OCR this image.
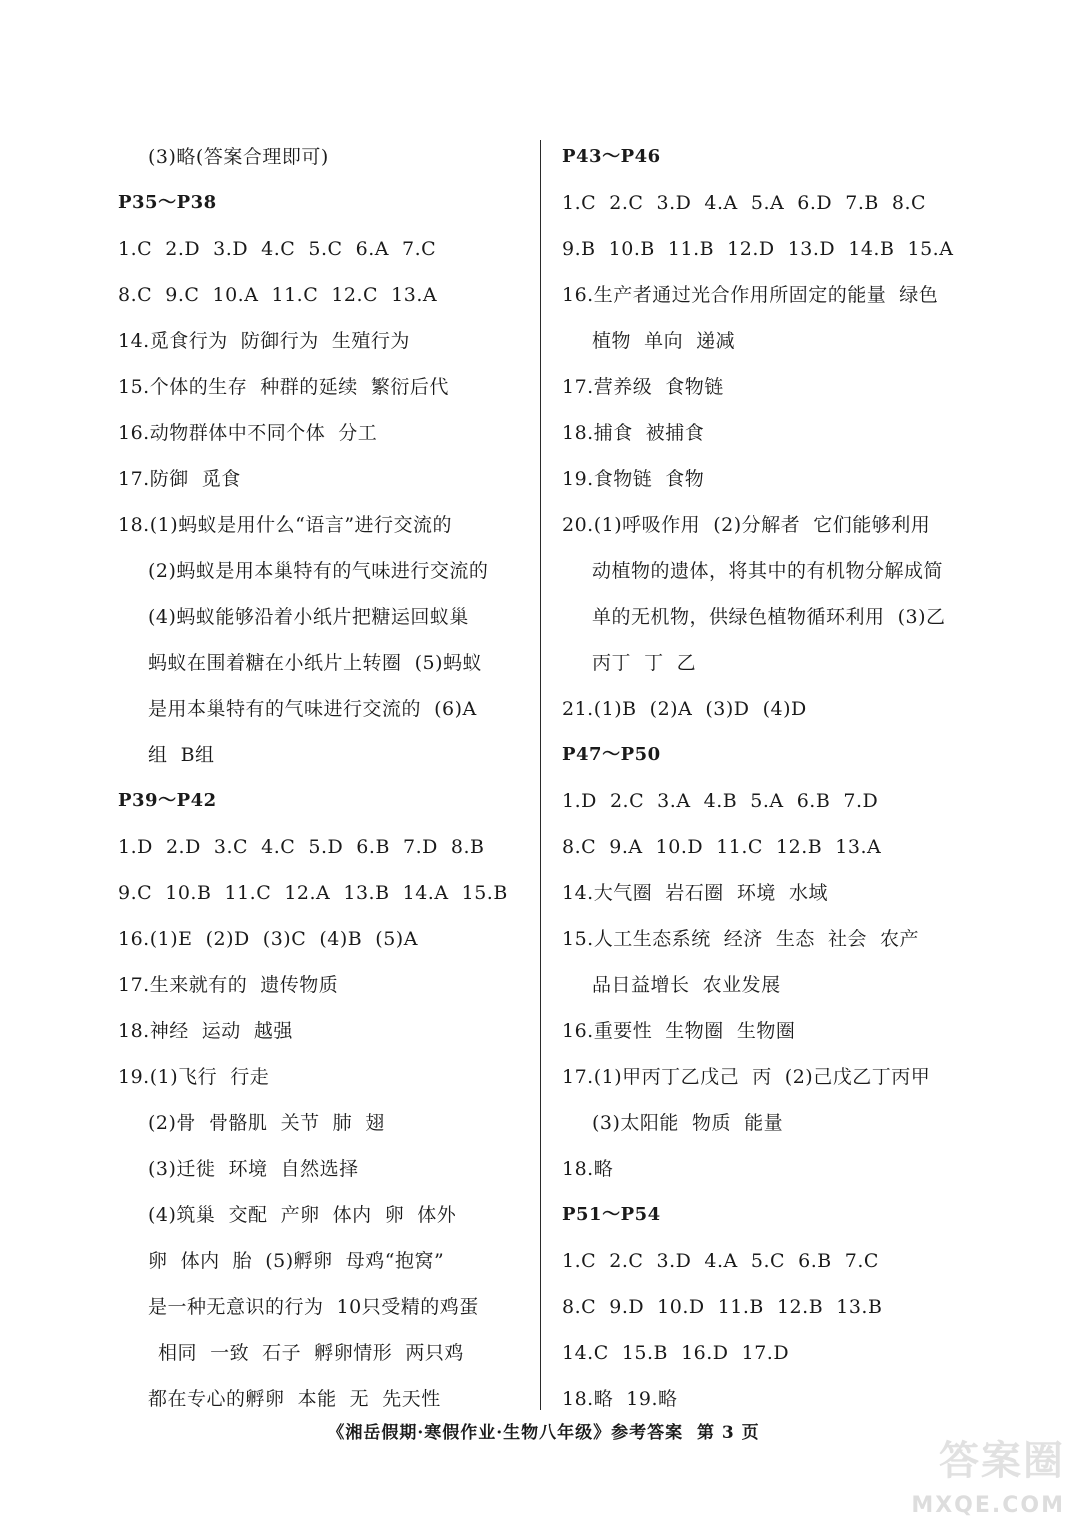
(3)略(答案合理即可)
P35～P38
1.C  2.D  3.D  4.C  5.C  6.A  7.C
8.C  9.C  10.A  11.C  12.C  13.A
14.觅食行为  防御行为  生殖行为
15.个体的生存  种群的延续  繁衍后代
16.动物群体中不同个体  分工
17.防御  觅食
18.(1)蚂蚁是用什么“语言”进行交流的
(2)蚂蚁是用本巢特有的气味进行交流的
(4)蚂蚁能够沿着小纸片把糖运回蚁巢
蚂蚁在围着糖在小纸片上转圈  (5)蚂蚁
是用本巢特有的气味进行交流的  (6)A
组  B组
P39～P42
1.D  2.D  3.C  4.C  5.D  6.B  7.D  8.B
9.C  10.B  11.C  12.A  13.B  14.A  15.B
16.(1)E  (2)D  (3)C  (4)B  (5)A
17.生来就有的  遗传物质
18.神经  运动  越强
19.(1)飞行  行走
(2)骨  骨骼肌  关节  肺  翅
(3)迁徙  环境  自然选择
(4)筑巢  交配  产卵  体内  卵  体外
卵  体内  胎  (5)孵卵  母鸡“抱窝”
是一种无意识的行为  10只受精的鸡蛋
相同  一致  石子  孵卵情形  两只鸡
都在专心的孵卵  本能  无  先天性
P43～P46
1.C  2.C  3.D  4.A  5.A  6.D  7.B  8.C
9.B  10.B  11.B  12.D  13.D  14.B  15.A
16.生产者通过光合作用所固定的能量  绿色
植物  单向  递减
17.营养级  食物链
18.捕食  被捕食
19.食物链  食物
20.(1)呼吸作用  (2)分解者  它们能够利用
动植物的遗体，将其中的有机物分解成简
单的无机物，供绿色植物循环利用  (3)乙
丙丁  丁  乙
21.(1)B  (2)A  (3)D  (4)D
P47～P50
1.D  2.C  3.A  4.B  5.A  6.B  7.D
8.C  9.A  10.D  11.C  12.B  13.A
14.大气圈  岩石圈  环境  水域
15.人工生态系统  经济  生态  社会  农产
品日益增长  农业发展
16.重要性  生物圈  生物圈
17.(1)甲丙丁乙戊己  丙  (2)己戊乙丁丙甲
(3)太阳能  物质  能量
18.略
P51～P54
1.C  2.C  3.D  4.A  5.C  6.B  7.C
8.C  9.D  10.D  11.B  12.B  13.B
14.C  15.B  16.D  17.D
18.略  19.略
《湘岳假期·寒假作业·生物八年级》参考答案  第 3 页
答案圈
MXQE.COM
